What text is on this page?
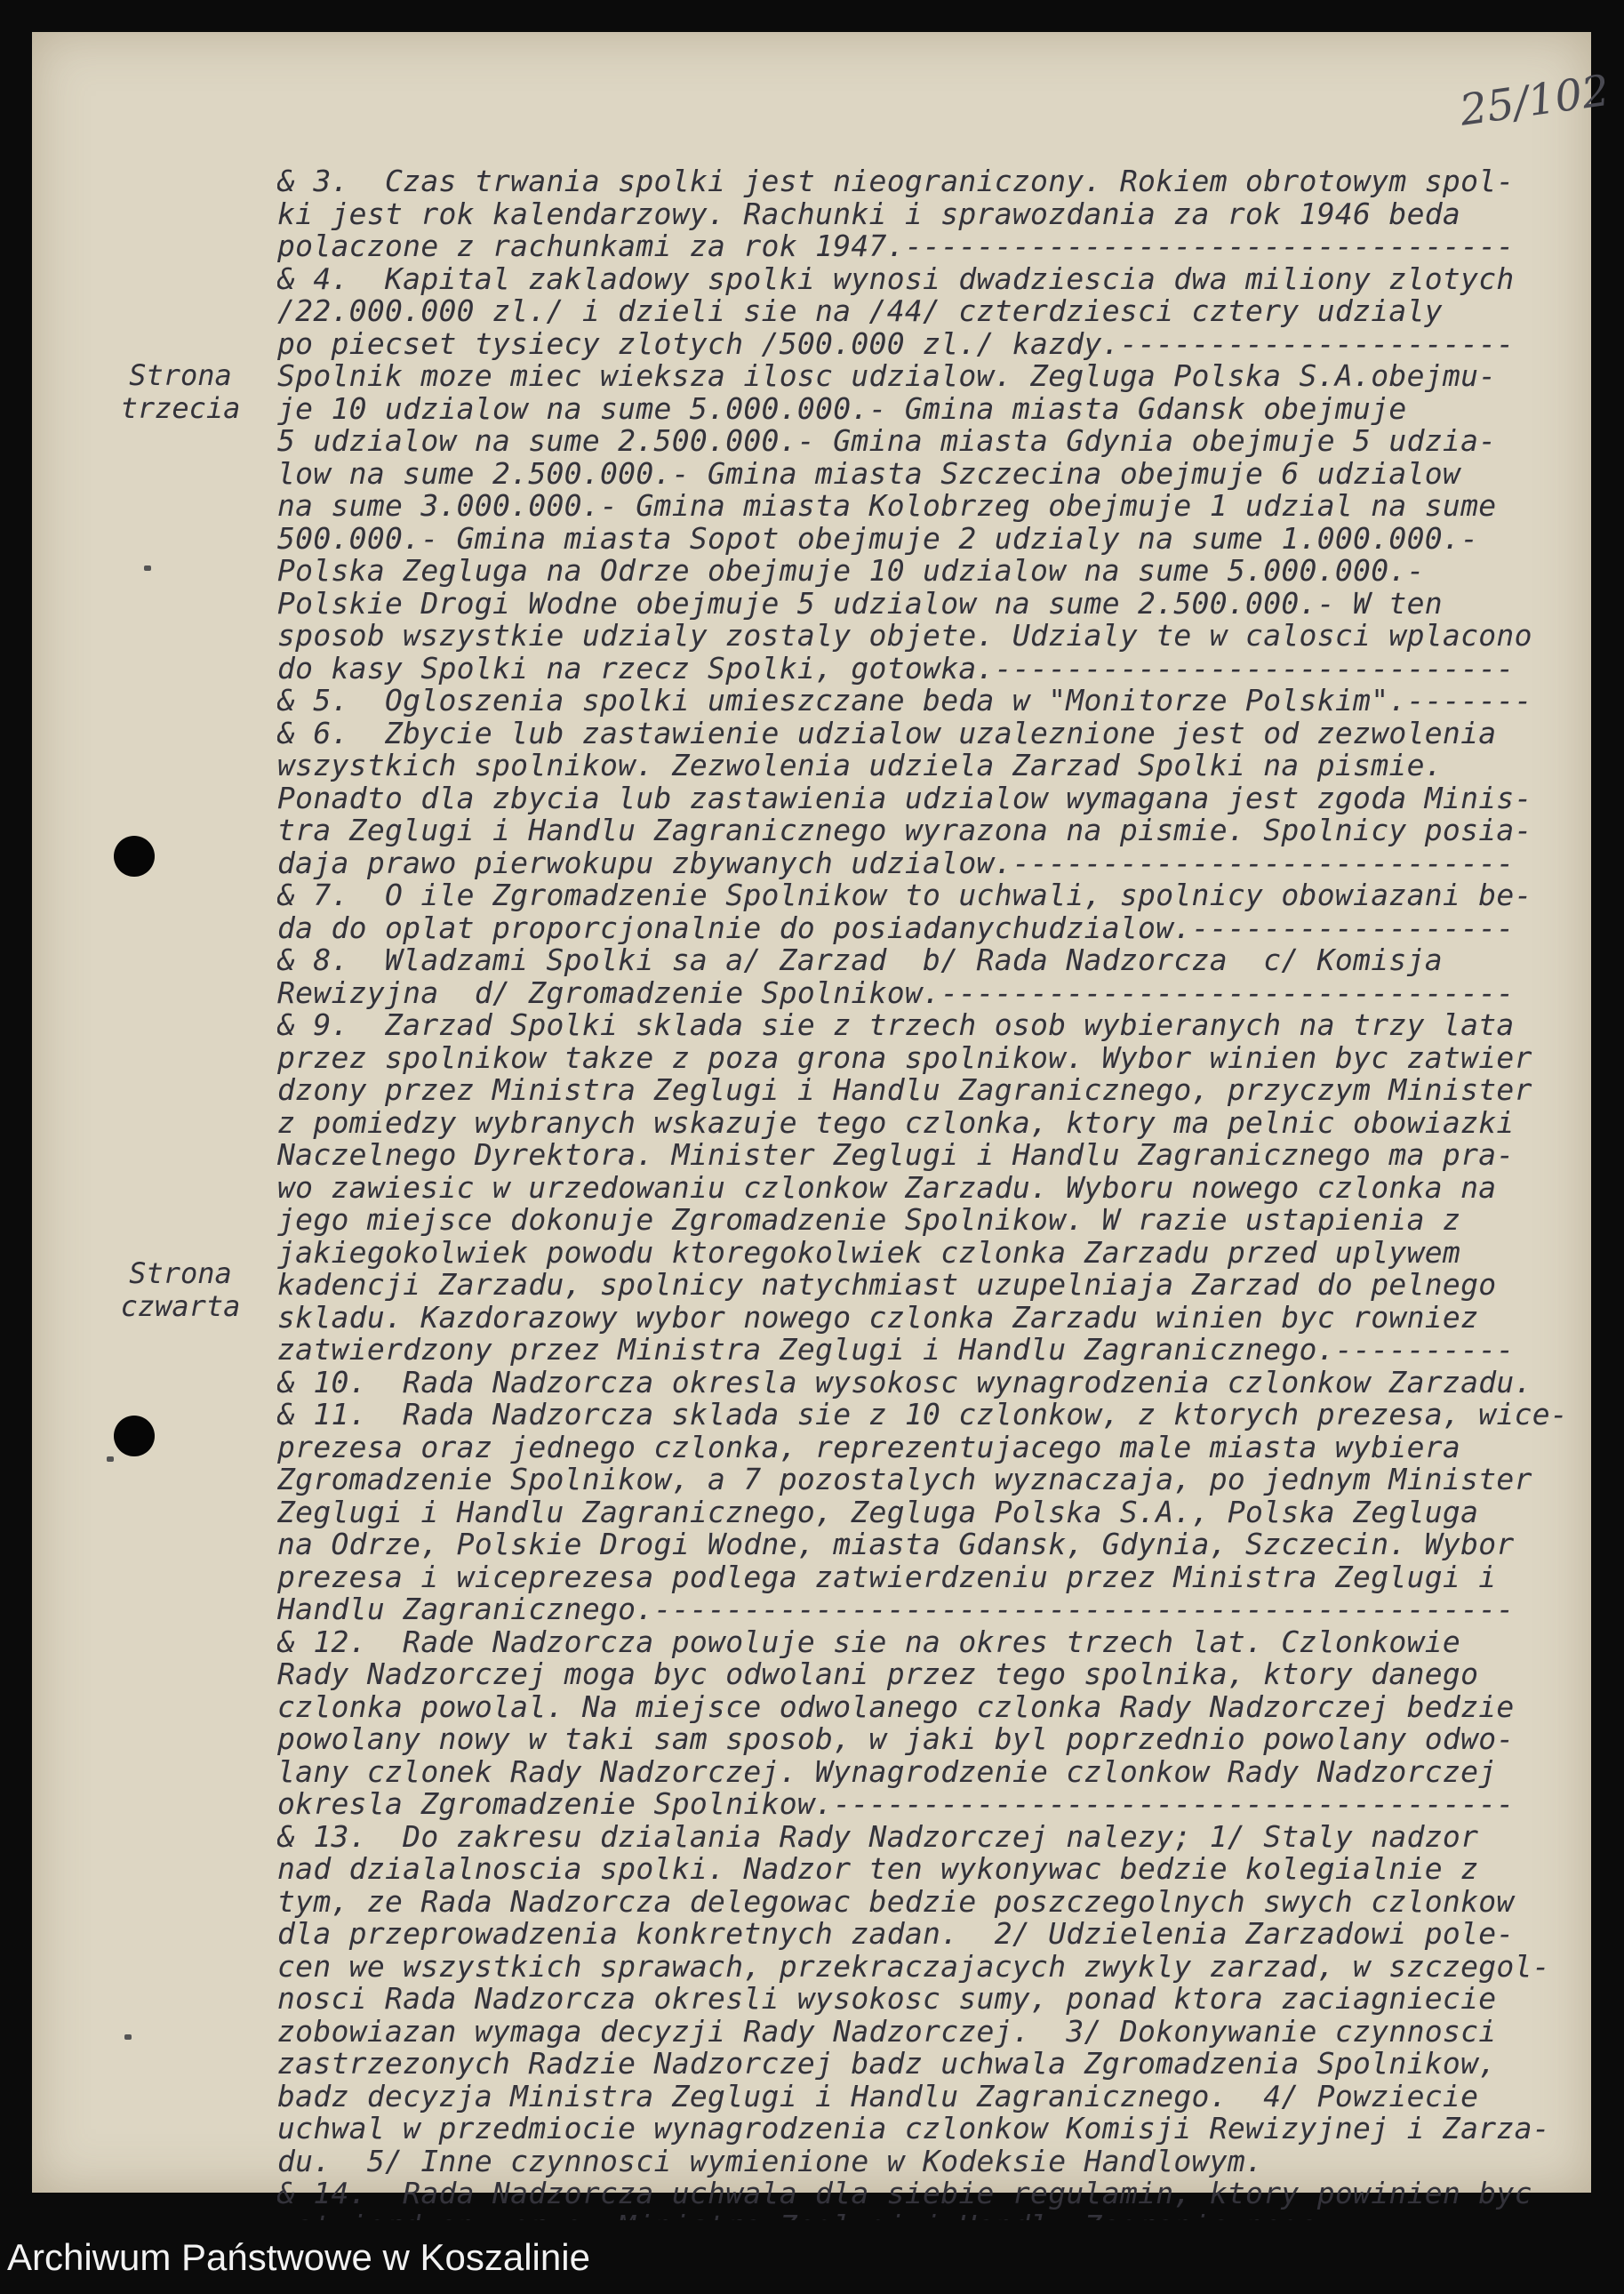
25/102
Strona
trzecia
Strona
czwarta
& 3.  Czas trwania spolki jest nieograniczony. Rokiem obrotowym spol-
ki jest rok kalendarzowy. Rachunki i sprawozdania za rok 1946 beda
polaczone z rachunkami za rok 1947.----------------------------------
& 4.  Kapital zakladowy spolki wynosi dwadziescia dwa miliony zlotych
/22.000.000 zl./ i dzieli sie na /44/ czterdziesci cztery udzialy
po piecset tysiecy zlotych /500.000 zl./ kazdy.----------------------
Spolnik moze miec wieksza ilosc udzialow. Zegluga Polska S.A.obejmu-
je 10 udzialow na sume 5.000.000.- Gmina miasta Gdansk obejmuje
5 udzialow na sume 2.500.000.- Gmina miasta Gdynia obejmuje 5 udzia-
low na sume 2.500.000.- Gmina miasta Szczecina obejmuje 6 udzialow
na sume 3.000.000.- Gmina miasta Kolobrzeg obejmuje 1 udzial na sume
500.000.- Gmina miasta Sopot obejmuje 2 udzialy na sume 1.000.000.-
Polska Zegluga na Odrze obejmuje 10 udzialow na sume 5.000.000.-
Polskie Drogi Wodne obejmuje 5 udzialow na sume 2.500.000.- W ten
sposob wszystkie udzialy zostaly objete. Udzialy te w calosci wplacono
do kasy Spolki na rzecz Spolki, gotowka.-----------------------------
& 5.  Ogloszenia spolki umieszczane beda w "Monitorze Polskim".-------
& 6.  Zbycie lub zastawienie udzialow uzaleznione jest od zezwolenia
wszystkich spolnikow. Zezwolenia udziela Zarzad Spolki na pismie.
Ponadto dla zbycia lub zastawienia udzialow wymagana jest zgoda Minis-
tra Zeglugi i Handlu Zagranicznego wyrazona na pismie. Spolnicy posia-
daja prawo pierwokupu zbywanych udzialow.----------------------------
& 7.  O ile Zgromadzenie Spolnikow to uchwali, spolnicy obowiazani be-
da do oplat proporcjonalnie do posiadanychudzialow.------------------
& 8.  Wladzami Spolki sa a/ Zarzad  b/ Rada Nadzorcza  c/ Komisja
Rewizyjna  d/ Zgromadzenie Spolnikow.--------------------------------
& 9.  Zarzad Spolki sklada sie z trzech osob wybieranych na trzy lata
przez spolnikow takze z poza grona spolnikow. Wybor winien byc zatwier
dzony przez Ministra Zeglugi i Handlu Zagranicznego, przyczym Minister
z pomiedzy wybranych wskazuje tego czlonka, ktory ma pelnic obowiazki
Naczelnego Dyrektora. Minister Zeglugi i Handlu Zagranicznego ma pra-
wo zawiesic w urzedowaniu czlonkow Zarzadu. Wyboru nowego czlonka na
jego miejsce dokonuje Zgromadzenie Spolnikow. W razie ustapienia z
jakiegokolwiek powodu ktoregokolwiek czlonka Zarzadu przed uplywem
kadencji Zarzadu, spolnicy natychmiast uzupelniaja Zarzad do pelnego
skladu. Kazdorazowy wybor nowego czlonka Zarzadu winien byc rowniez
zatwierdzony przez Ministra Zeglugi i Handlu Zagranicznego.----------
& 10.  Rada Nadzorcza okresla wysokosc wynagrodzenia czlonkow Zarzadu.
& 11.  Rada Nadzorcza sklada sie z 10 czlonkow, z ktorych prezesa, wice-
prezesa oraz jednego czlonka, reprezentujacego male miasta wybiera
Zgromadzenie Spolnikow, a 7 pozostalych wyznaczaja, po jednym Minister
Zeglugi i Handlu Zagranicznego, Zegluga Polska S.A., Polska Zegluga
na Odrze, Polskie Drogi Wodne, miasta Gdansk, Gdynia, Szczecin. Wybor
prezesa i wiceprezesa podlega zatwierdzeniu przez Ministra Zeglugi i
Handlu Zagranicznego.------------------------------------------------
& 12.  Rade Nadzorcza powoluje sie na okres trzech lat. Czlonkowie
Rady Nadzorczej moga byc odwolani przez tego spolnika, ktory danego
czlonka powolal. Na miejsce odwolanego czlonka Rady Nadzorczej bedzie
powolany nowy w taki sam sposob, w jaki byl poprzednio powolany odwo-
lany czlonek Rady Nadzorczej. Wynagrodzenie czlonkow Rady Nadzorczej
okresla Zgromadzenie Spolnikow.--------------------------------------
& 13.  Do zakresu dzialania Rady Nadzorczej nalezy; 1/ Staly nadzor
nad dzialalnoscia spolki. Nadzor ten wykonywac bedzie kolegialnie z
tym, ze Rada Nadzorcza delegowac bedzie poszczegolnych swych czlonkow
dla przeprowadzenia konkretnych zadan.  2/ Udzielenia Zarzadowi pole-
cen we wszystkich sprawach, przekraczajacych zwykly zarzad, w szczegol-
nosci Rada Nadzorcza okresli wysokosc sumy, ponad ktora zaciagniecie
zobowiazan wymaga decyzji Rady Nadzorczej.  3/ Dokonywanie czynnosci
zastrzezonych Radzie Nadzorczej badz uchwala Zgromadzenia Spolnikow,
badz decyzja Ministra Zeglugi i Handlu Zagranicznego.  4/ Powziecie
uchwal w przedmiocie wynagrodzenia czlonkow Komisji Rewizyjnej i Zarza-
du.  5/ Inne czynnosci wymienione w Kodeksie Handlowym.
& 14.  Rada Nadzorcza uchwala dla siebie regulamin, ktory powinien byc
Archiwum Państwowe w Koszalinie
